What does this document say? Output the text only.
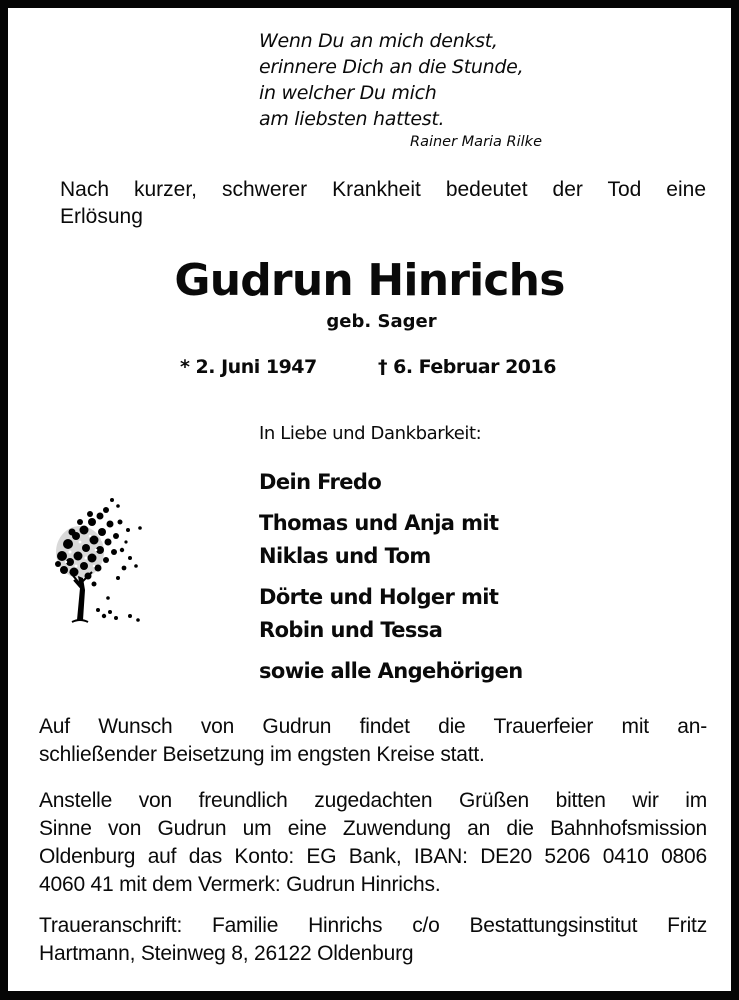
Wenn Du an mich denkst,
erinnere Dich an die Stunde,
in welcher Du mich
am liebsten hattest.
Rainer Maria Rilke
Nach kurzer, schwerer Krankheit bedeutet der Tod eine
Erlösung
Gudrun Hinrichs
geb. Sager
* 2. Juni 1947	† 6. Februar 2016
In Liebe und Dankbarkeit:
Dein Fredo
Thomas und Anja mit
Niklas und Tom
Dörte und Holger mit
Robin und Tessa
sowie alle Angehörigen
Auf Wunsch von Gudrun findet die Trauerfeier mit an-
schließender Beisetzung im engsten Kreise statt.
Anstelle von freundlich zugedachten Grüßen bitten wir im
Sinne von Gudrun um eine Zuwendung an die Bahnhofsmission
Oldenburg auf das Konto: EG Bank, IBAN: DE20 5206 0410 0806
4060 41 mit dem Vermerk: Gudrun Hinrichs.
Traueranschrift: Familie Hinrichs c/o Bestattungsinstitut Fritz
Hartmann, Steinweg 8, 26122 Oldenburg
